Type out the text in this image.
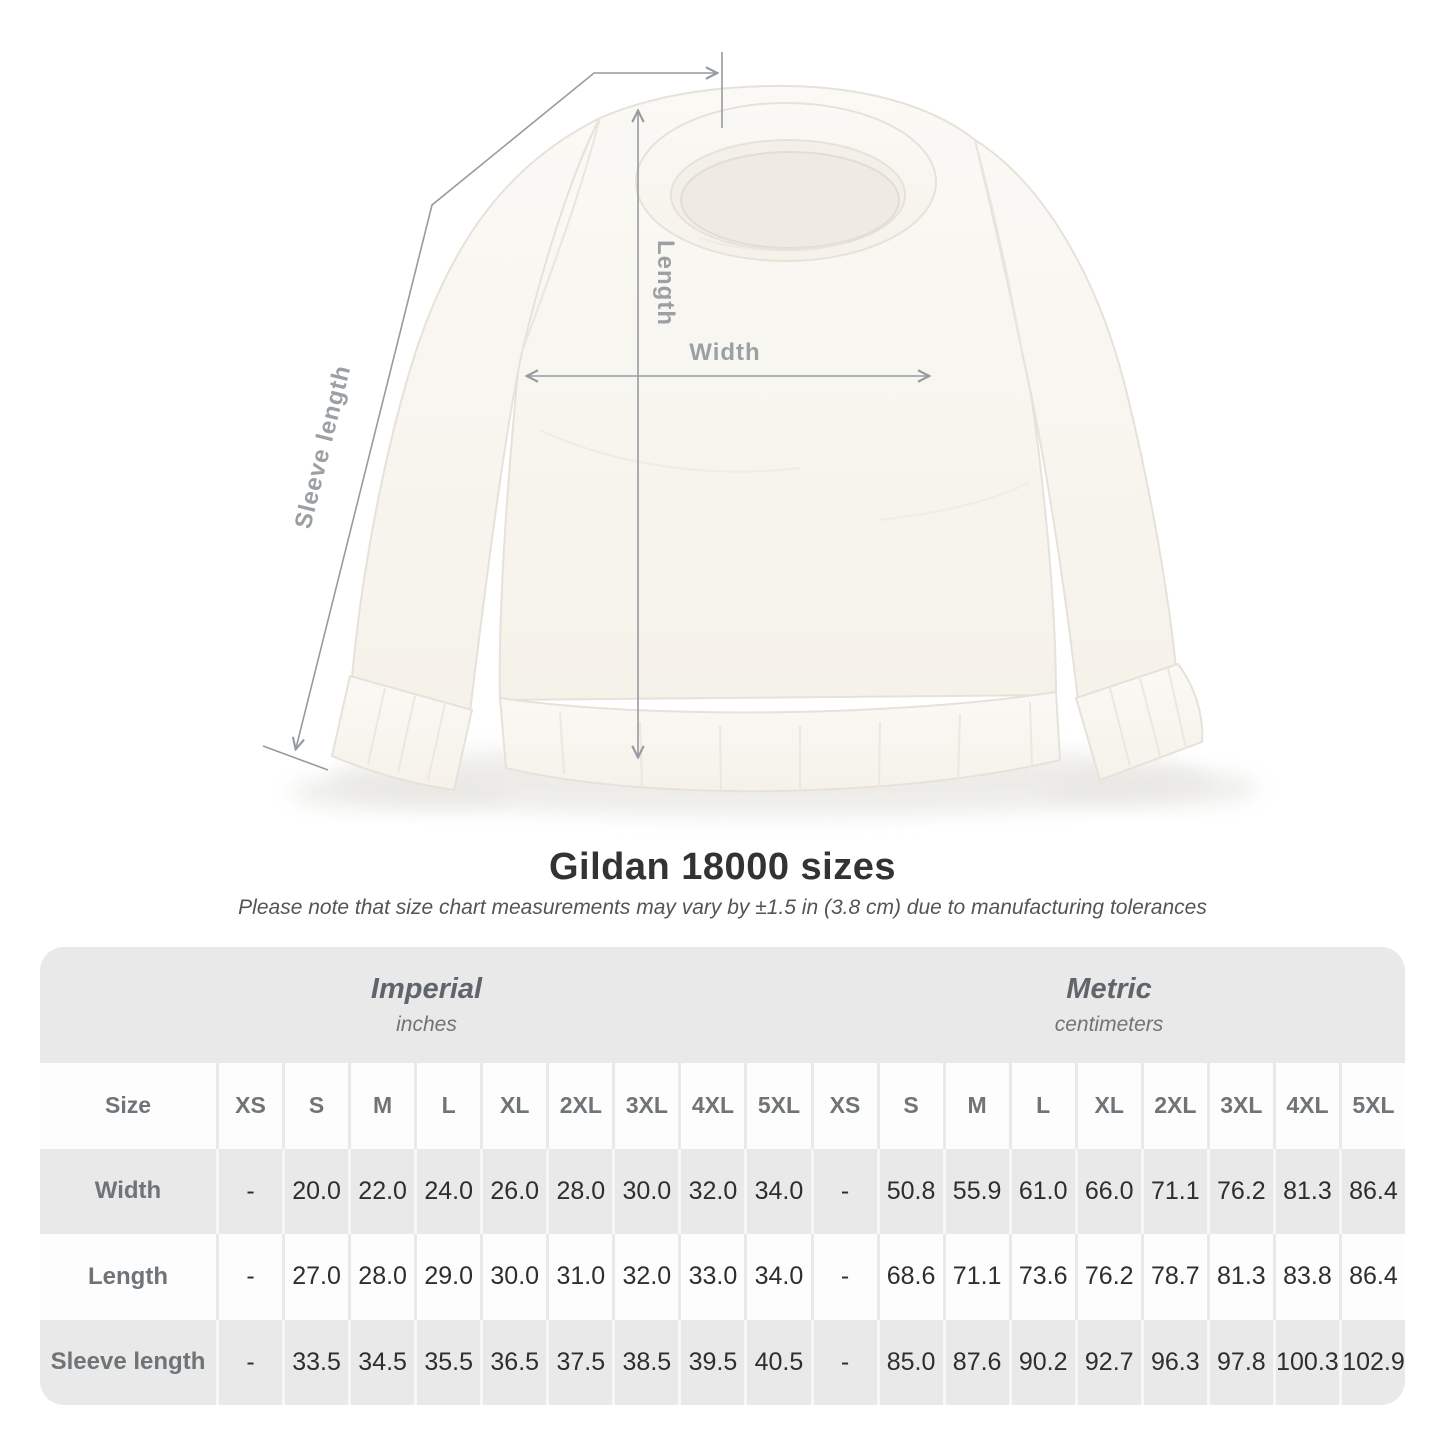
Length
Width
Sleeve length
Gildan 18000 sizes
Please note that size chart measurements may vary by ±1.5 in (3.8 cm) due to manufacturing tolerances
Imperial
inches
Metric
centimeters
Size	XS	S	M	L	XL	2XL	3XL	4XL	5XL	XS	S	M	L	XL	2XL	3XL	4XL	5XL
Width	-	20.0 22.0 24.0 26.0 28.0 30.0 32.0 34.0	-	50.8 55.9 61.0 66.0 71.1 76.2 81.3 86.4
Length	-	27.0 28.0 29.0 30.0 31.0 32.0 33.0 34.0	-	68.6 71.1 73.6 76.2 78.7 81.3 83.8 86.4
Sleeve length	-	33.5 34.5 35.5 36.5 37.5 38.5 39.5 40.5	-	85.0 87.6 90.2 92.7 96.3 97.8 100.3 102.9
